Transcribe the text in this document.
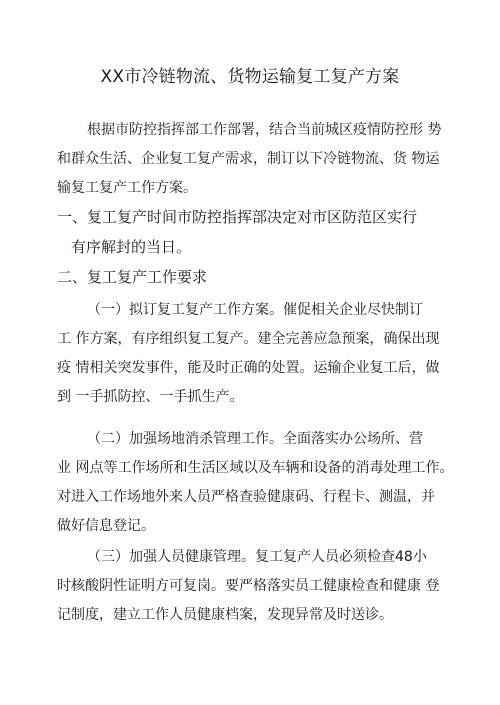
XX市冷链物流、货物运输复工复产方案
根据市防控指挥部工作部署，结合当前城区疫情防控形 势
和群众生活、企业复工复产需求，制订以下冷链物流、货 物运
输复工复产工作方案。
一、复工复产时间市防控指挥部决定对市区防范区实行
有序解封的当日。
二、复工复产工作要求
（一）拟订复工复产工作方案。催促相关企业尽快制订
工 作方案，有序组织复工复产。建全完善应急预案，确保出现
疫 情相关突发事件，能及时正确的处置。运输企业复工后，做
到 一手抓防控、一手抓生产。
（二）加强场地消杀管理工作。全面落实办公场所、营
业 网点等工作场所和生活区域以及车辆和设备的消毒处理工作。
对进入工作场地外来人员严格查验健康码、行程卡、测温，并
做好信息登记。
（三）加强人员健康管理。复工复产人员必须检查48小
时核酸阴性证明方可复岗。要严格落实员工健康检查和健康 登
记制度，建立工作人员健康档案，发现异常及时送诊。
